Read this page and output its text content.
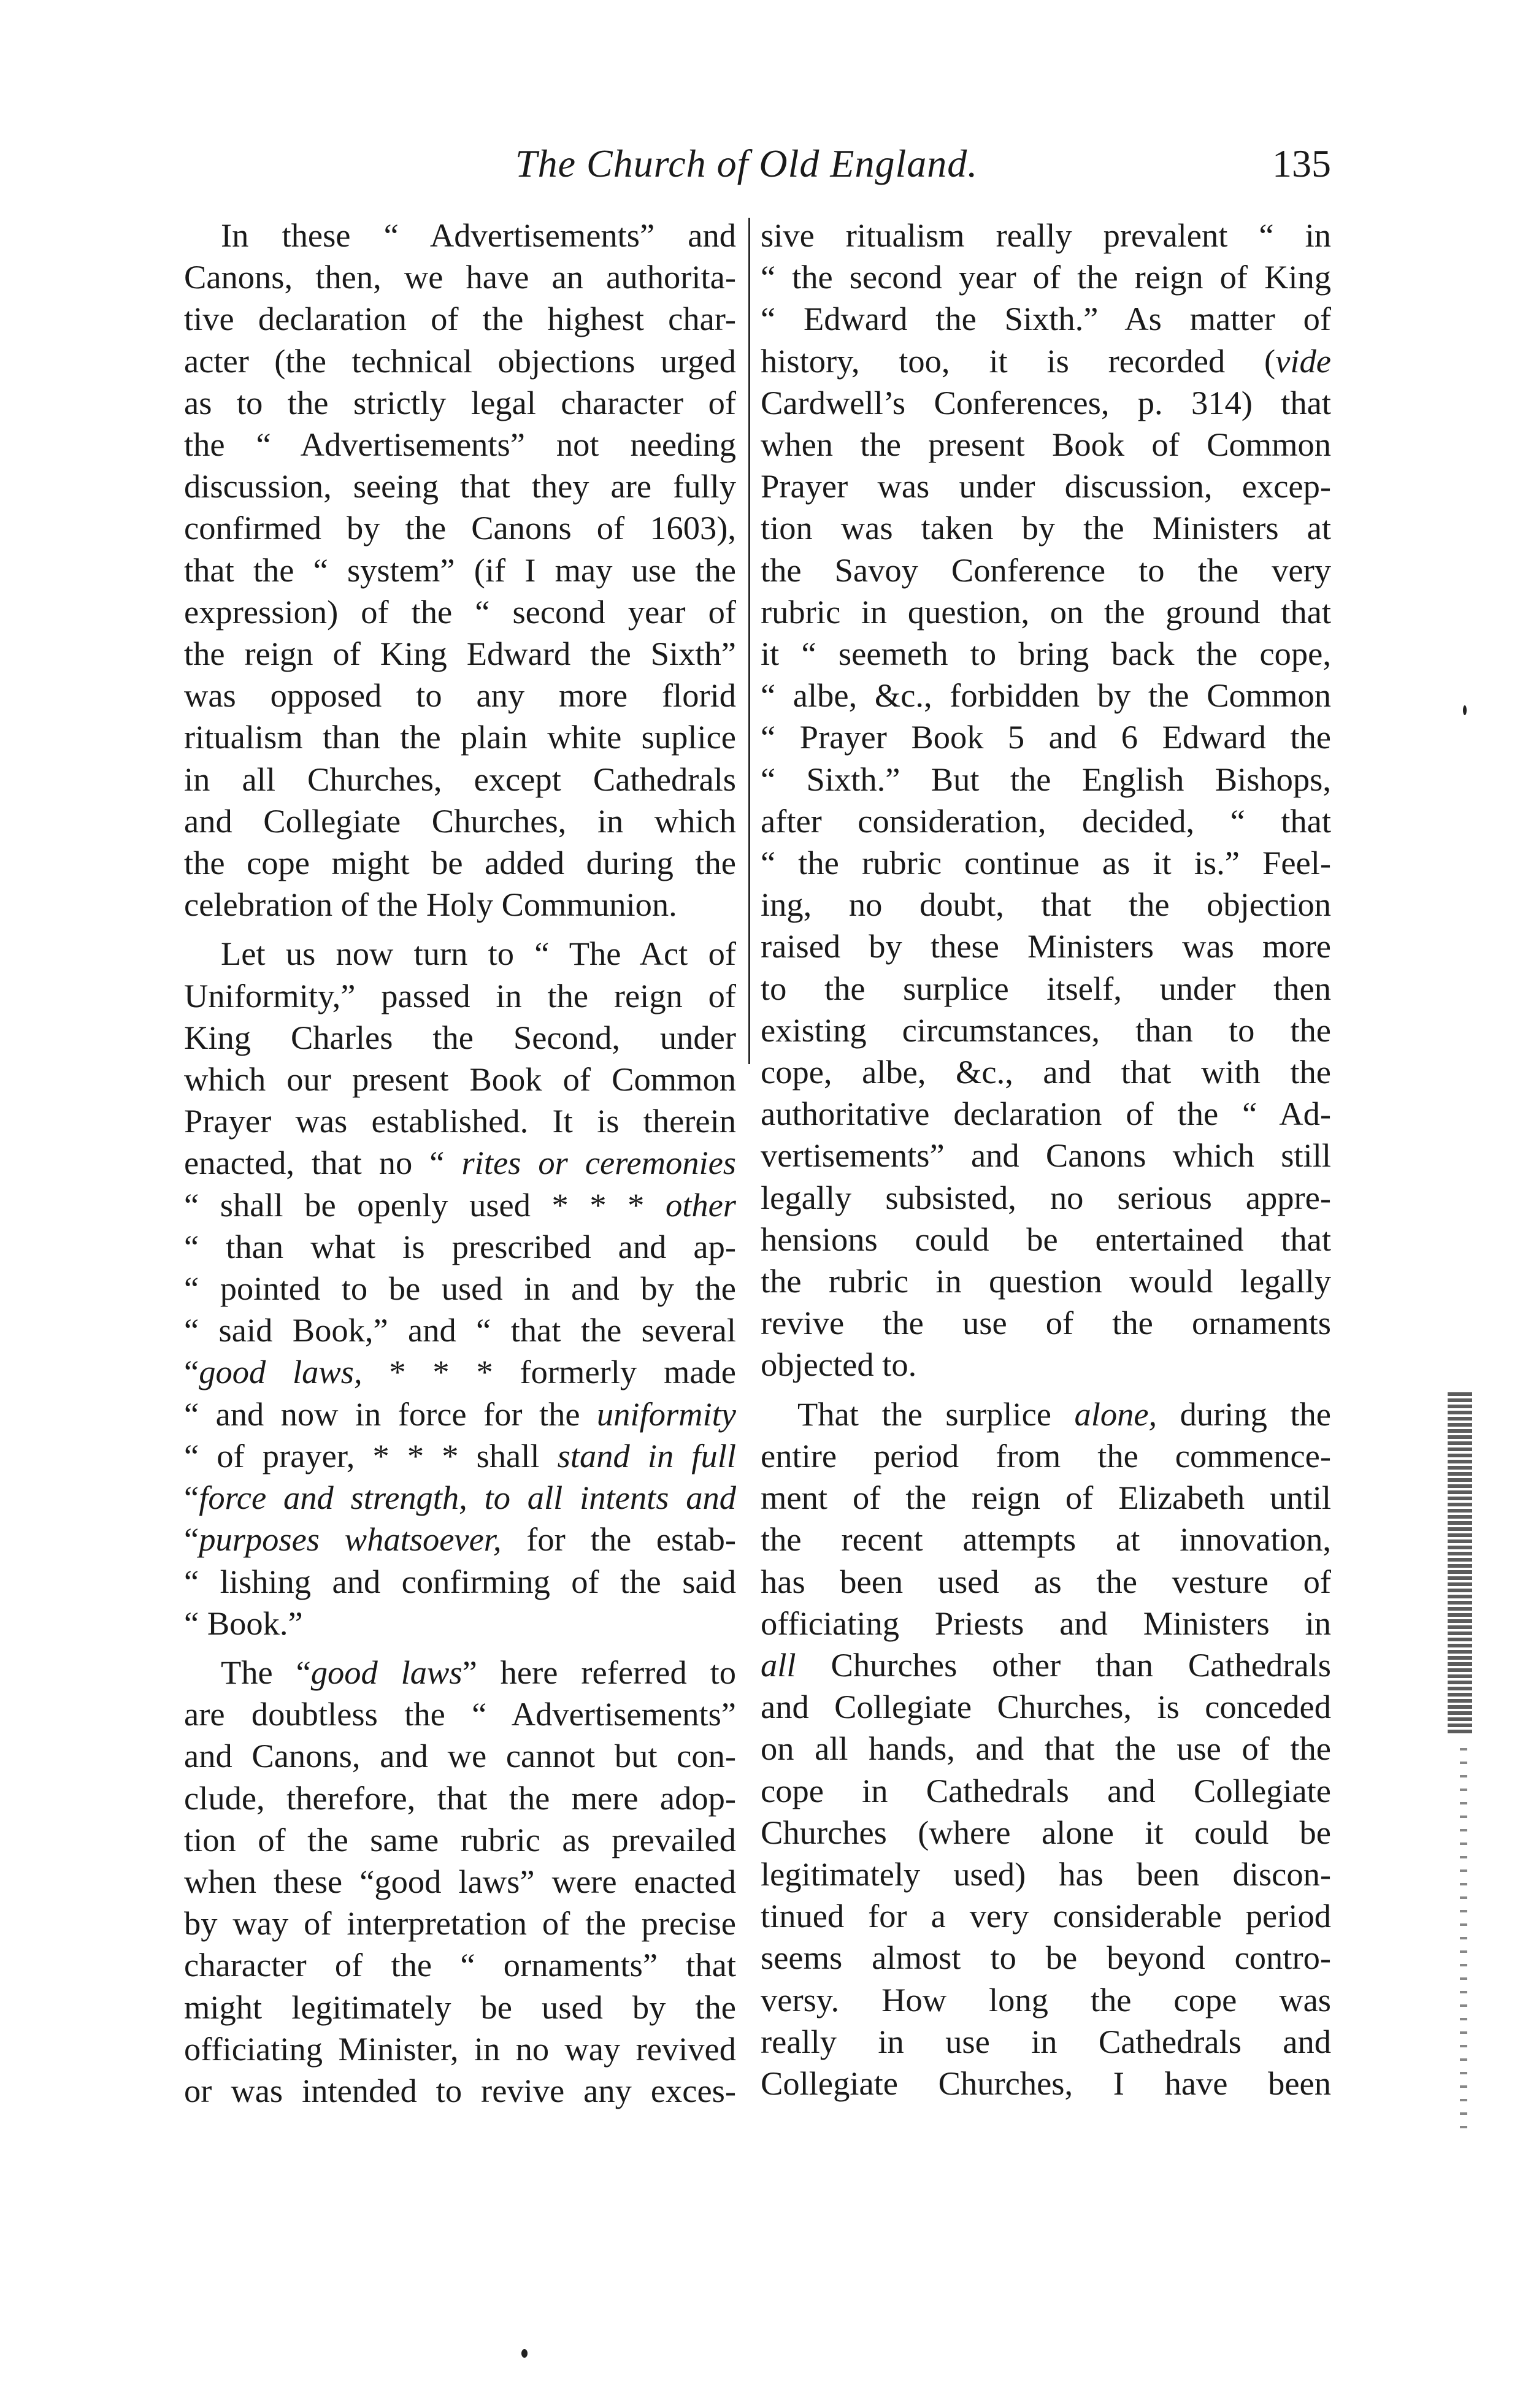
The Church of Old England.	135
In these “ Advertisements” and
Canons, then, we have an authorita-
tive declaration of the highest char-
acter (the technical objections urged
as to the strictly legal character of
the “ Advertisements” not needing
discussion, seeing that they are fully
confirmed by the Canons of 1603),
that the “ system” (if I may use the
expression) of the “ second year of
the reign of King Edward the Sixth”
was opposed to any more florid
ritualism than the plain white suplice
in all Churches, except Cathedrals
and Collegiate Churches, in which
the cope might be added during the
celebration of the Holy Communion.
Let us now turn to “ The Act of
Uniformity,” passed in the reign of
King Charles the Second, under
which our present Book of Common
Prayer was established. It is therein
enacted, that no “ rites or ceremonies
“ shall be openly used * * * other
“ than what is prescribed and ap-
“ pointed to be used in and by the
“ said Book,” and “ that the several
“good laws, * * * formerly made
“ and now in force for the uniformity
“ of prayer, * * * shall stand in full
“force and strength, to all intents and
“purposes whatsoever, for the estab-
“ lishing and confirming of the said
“ Book.”
The “good laws” here referred to
are doubtless the “ Advertisements”
and Canons, and we cannot but con-
clude, therefore, that the mere adop-
tion of the same rubric as prevailed
when these “good laws” were enacted
by way of interpretation of the precise
character of the “ ornaments” that
might legitimately be used by the
officiating Minister, in no way revived
or was intended to revive any exces-
sive ritualism really prevalent “ in
“ the second year of the reign of King
“ Edward the Sixth.” As matter of
history, too, it is recorded (vide
Cardwell’s Conferences, p. 314) that
when the present Book of Common
Prayer was under discussion, excep-
tion was taken by the Ministers at
the Savoy Conference to the very
rubric in question, on the ground that
it “ seemeth to bring back the cope,
“ albe, &c., forbidden by the Common
“ Prayer Book 5 and 6 Edward the
“ Sixth.” But the English Bishops,
after consideration, decided, “ that
“ the rubric continue as it is.” Feel-
ing, no doubt, that the objection
raised by these Ministers was more
to the surplice itself, under then
existing circumstances, than to the
cope, albe, &c., and that with the
authoritative declaration of the “ Ad-
vertisements” and Canons which still
legally subsisted, no serious appre-
hensions could be entertained that
the rubric in question would legally
revive the use of the ornaments
objected to.
That the surplice alone, during the
entire period from the commence-
ment of the reign of Elizabeth until
the recent attempts at innovation,
has been used as the vesture of
officiating Priests and Ministers in
all Churches other than Cathedrals
and Collegiate Churches, is conceded
on all hands, and that the use of the
cope in Cathedrals and Collegiate
Churches (where alone it could be
legitimately used) has been discon-
tinued for a very considerable period
seems almost to be beyond contro-
versy. How long the cope was
really in use in Cathedrals and
Collegiate Churches, I have been
